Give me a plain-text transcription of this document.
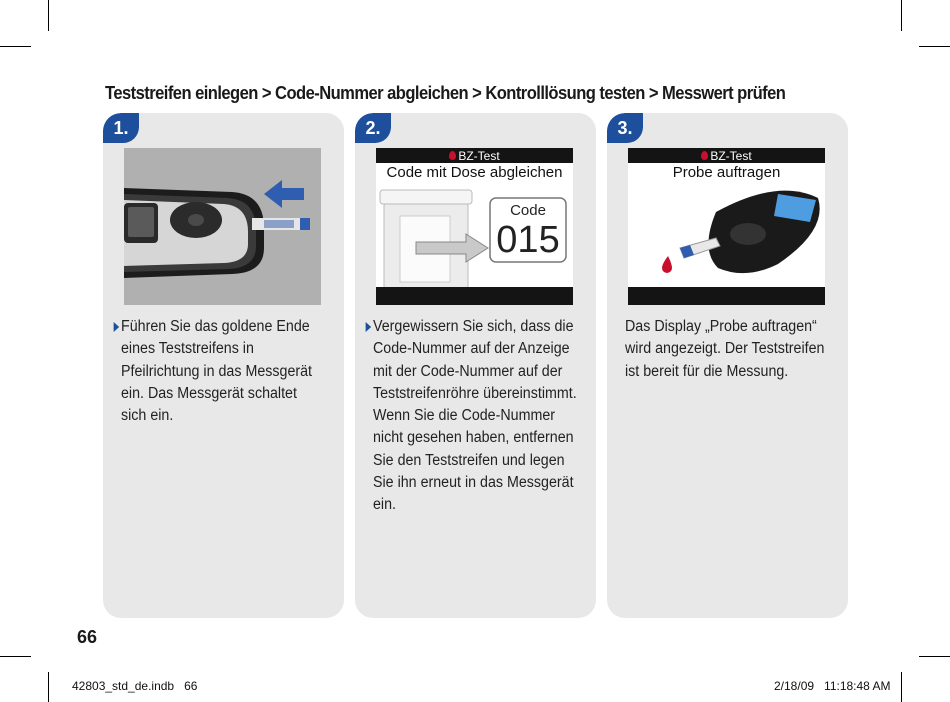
Teststreifen einlegen > Code-Nummer abgleichen > Kontrolllösung testen > Messwert prüfen
1.
Führen Sie das goldene Ende eines Teststreifens in Pfeilrichtung in das Messgerät ein. Das Messgerät schaltet sich ein.
2.
BZ-Test
Code mit Dose abgleichen
Code
015
Vergewissern Sie sich, dass die Code-Nummer auf der Anzeige mit der Code-Nummer auf der Teststreifenröhre übereinstimmt. Wenn Sie die Code-Nummer nicht gesehen haben, entfernen Sie den Teststreifen und legen Sie ihn erneut in das Messgerät ein.
3.
BZ-Test
Probe auftragen
Das Display „Probe auftragen“ wird angezeigt. Der Teststreifen ist bereit für die Messung.
66
42803_std_de.indb   66	2/18/09   11:18:48 AM
